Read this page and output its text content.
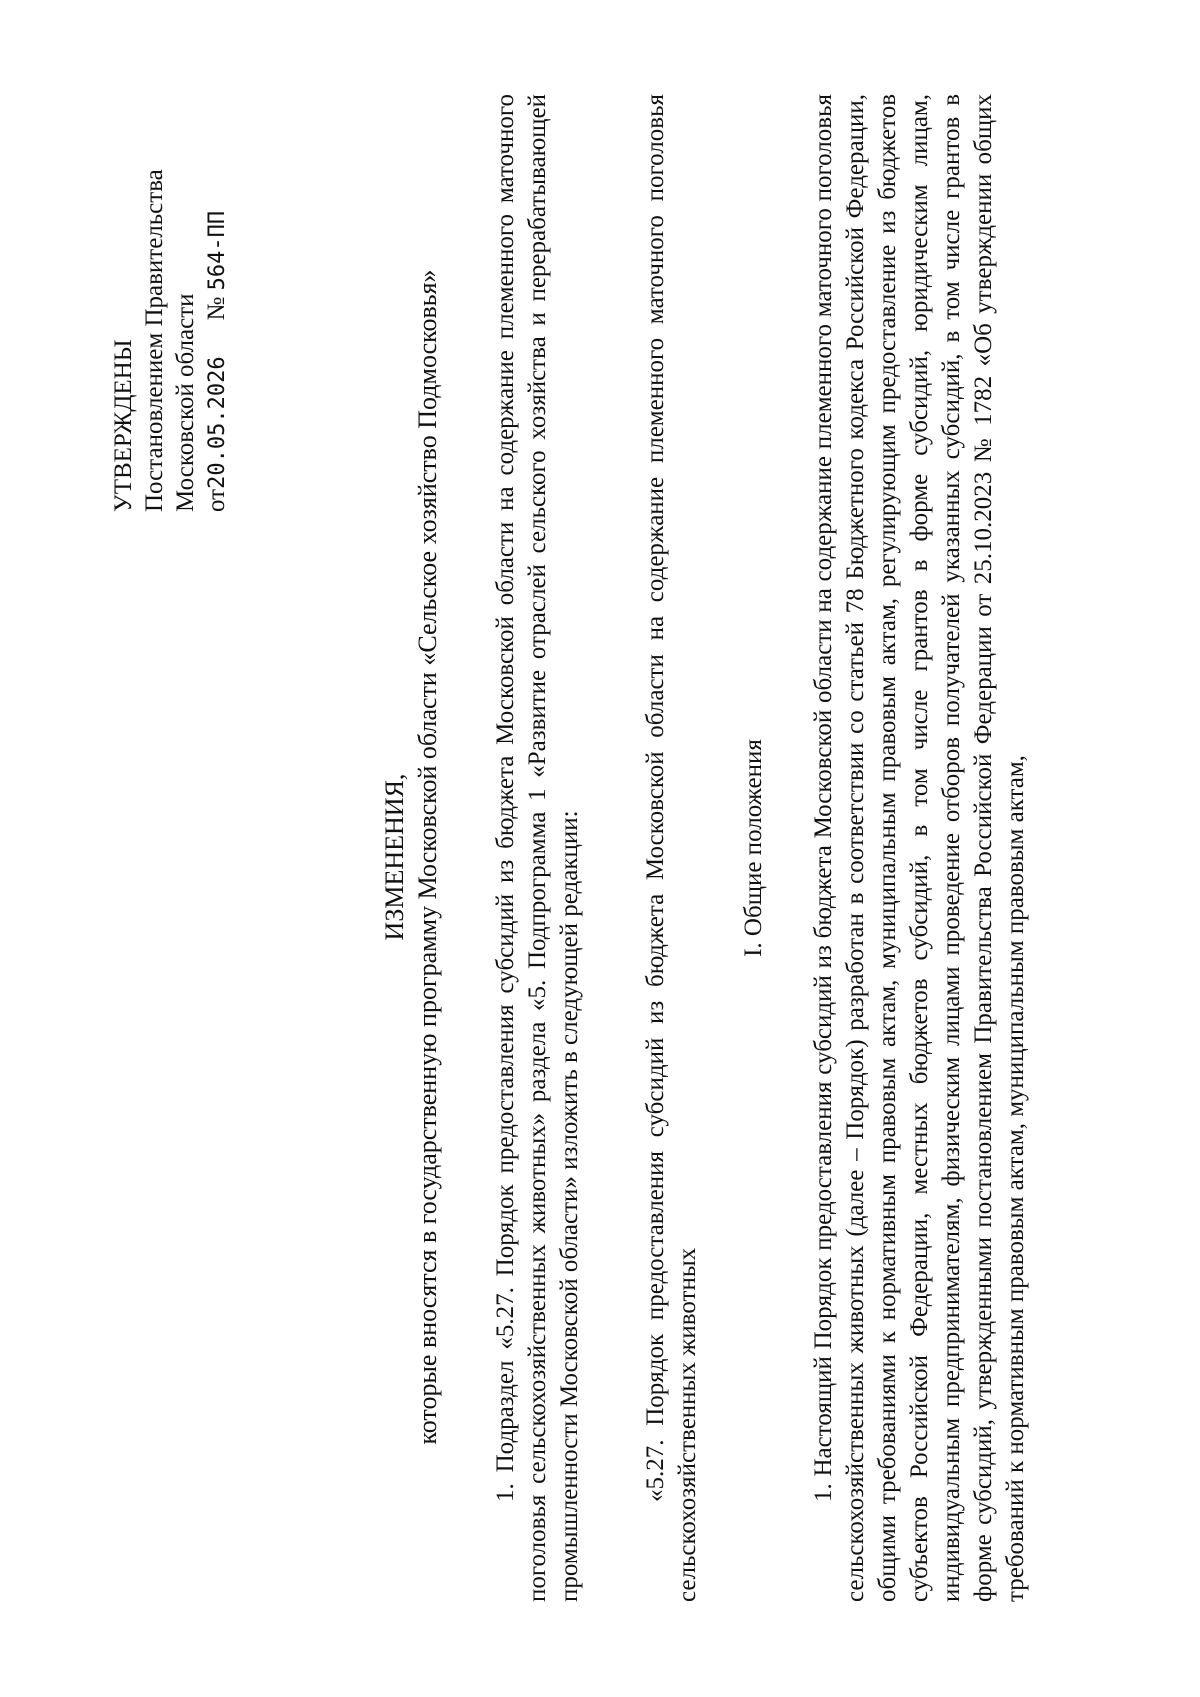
УТВЕРЖДЕНЫ Постановлением Правительства Московской области от20.05.2026№ 564-ПП
ИЗМЕНЕНИЯ, которые вносятся в государственную программу Московской области «Сельское хозяйство Подмосковья» 1. Подраздел «5.27. Порядок предоставления субсидий из бюджета Московской области на содержание племенного маточного поголовья сельскохозяйственных животных» раздела «5. Подпрограмма 1 «Развитие отраслей сельского хозяйства и перерабатывающей промышленности Московской области» изложить в следующей редакции: «5.27. Порядок предоставления субсидий из бюджета Московской области на содержание племенного маточного поголовья сельскохозяйственных животных
I. Общие положения 1. Настоящий Порядок предоставления субсидий из бюджета Московской области на содержание племенного маточного поголовья сельскохозяйственных животных (далее – Порядок) разработан в соответствии со статьей 78 Бюджетного кодекса Российской Федерации, общими требованиями к нормативным правовым актам, муниципальным правовым актам, регулирующим предоставление из бюджетов субъектов Российской Федерации, местных бюджетов субсидий, в том числе грантов в форме субсидий, юридическим лицам, индивидуальным предпринимателям, физическим лицами проведение отборов получателей указанных субсидий, в том числе грантов в форме субсидий, утвержденными постановлением Правительства Российской Федерации от 25.10.2023 № 1782 «Об утверждении общих требований к нормативным правовым актам, муниципальным правовым актам,
